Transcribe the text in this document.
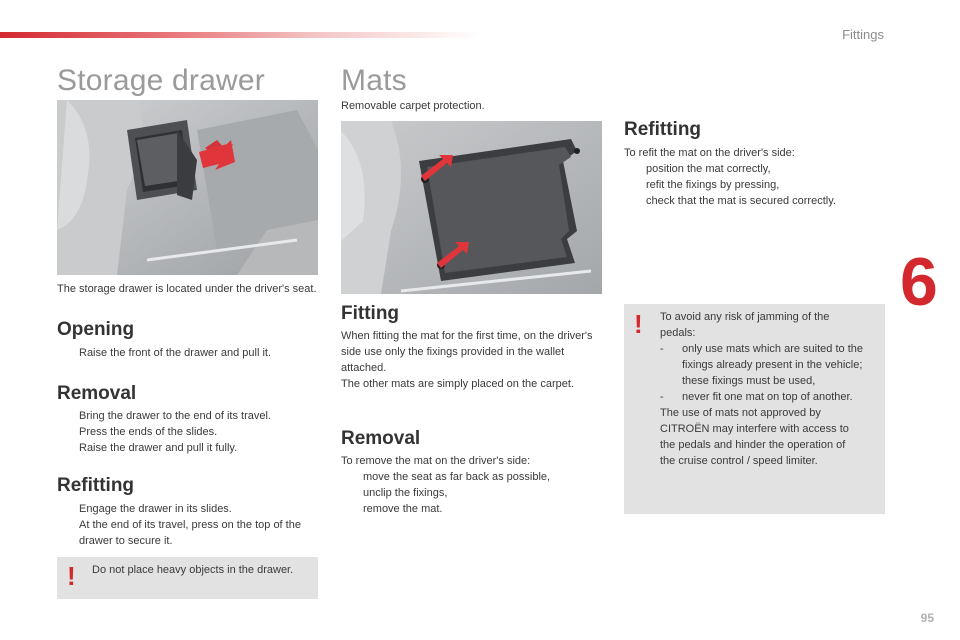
Fittings
6
95
Storage drawer

The storage drawer is located under the driver's seat.

Opening
Raise the front of the drawer and pull it.
Removal
Bring the drawer to the end of its travel.
Press the ends of the slides.
Raise the drawer and pull it fully.
Refitting
Engage the drawer in its slides.
At the end of its travel, press on the top of the drawer to secure it.
! Do not place heavy objects in the drawer.

Mats

Removable carpet protection.

Fitting

When fitting the mat for the first time, on the driver's side use only the fixings provided in the wallet attached.

The other mats are simply placed on the carpet.

Removal

To remove the mat on the driver's side:

move the seat as far back as possible,
unclip the fixings,
remove the mat.
Refitting

To refit the mat on the driver's side:

position the mat correctly,
refit the fixings by pressing,
check that the mat is secured correctly.
! To avoid any risk of jamming of the pedals:

- only use mats which are suited to the fixings already present in the vehicle; these fixings must be used,
- never fit one mat on top of another.

The use of mats not approved by CITROËN may interfere with access to the pedals and hinder the operation of the cruise control / speed limiter.
